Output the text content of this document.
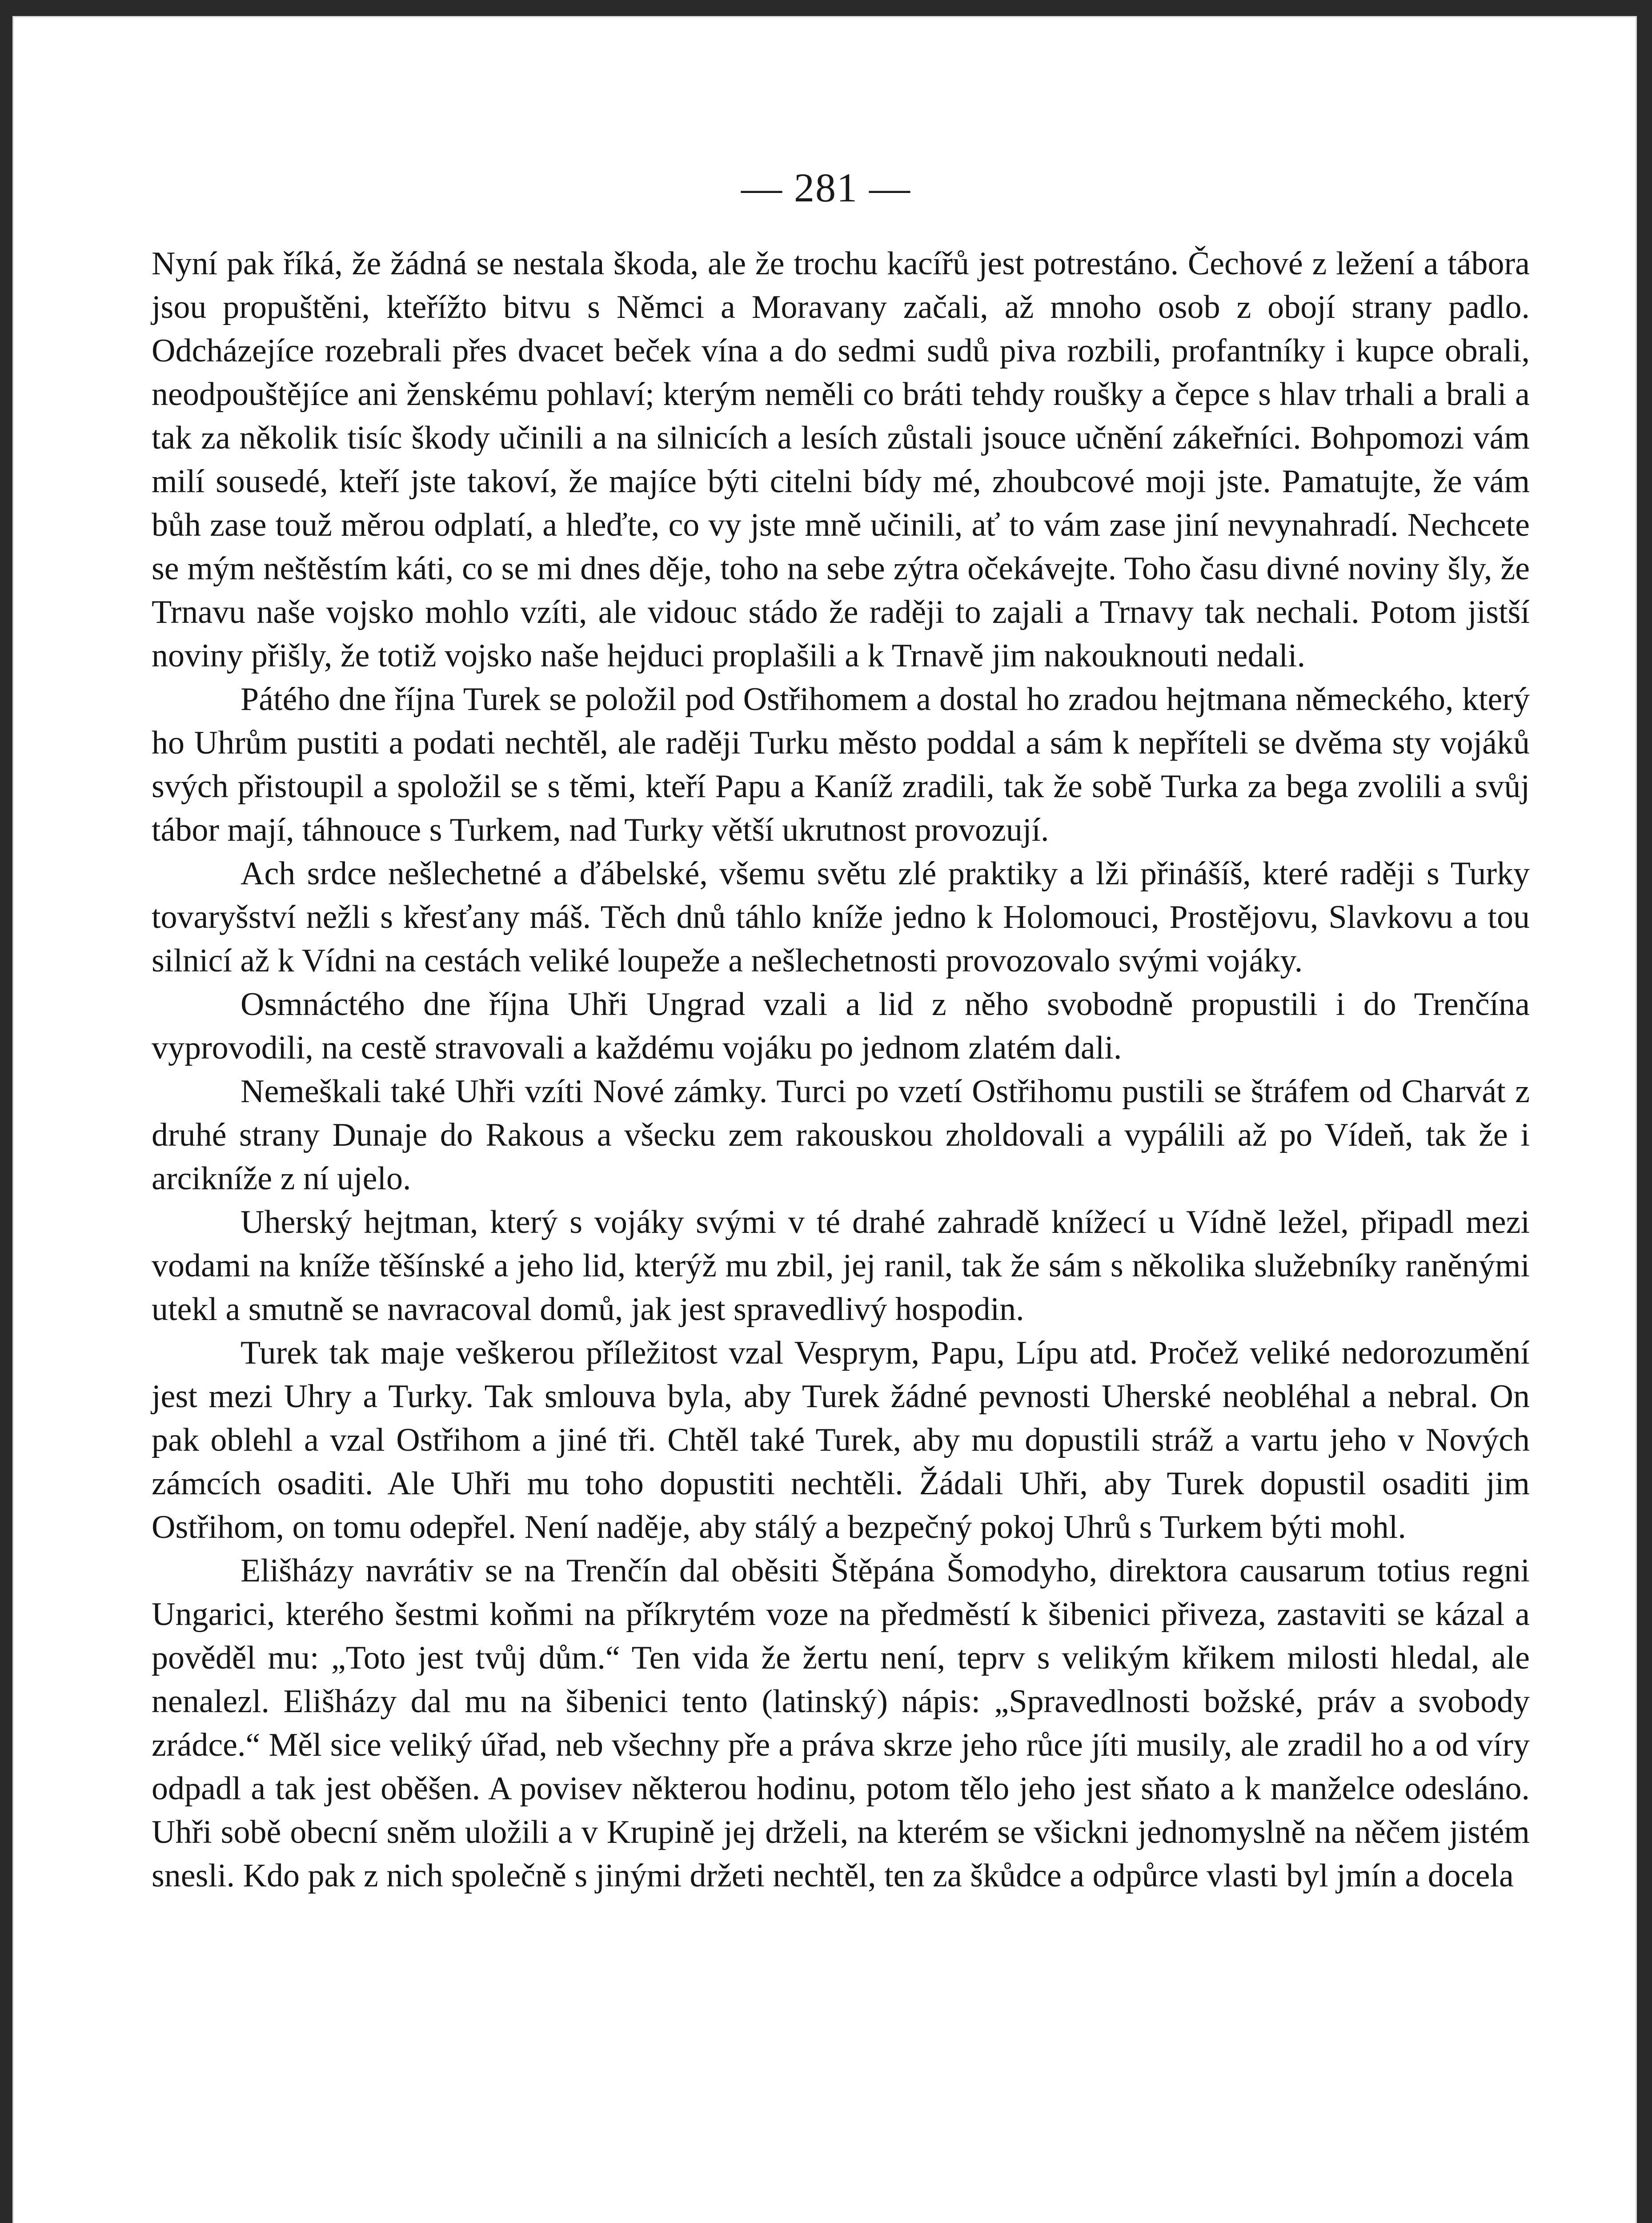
— 281 —

Nyní pak říká, že žádná se nestala škoda, ale že trochu kacířů jest potrestáno. Čechové z ležení a tábora jsou propuštěni, kteřížto bitvu s Němci a Moravany začali, až mnoho osob z obojí strany padlo. Odcházejíce rozebrali přes dvacet beček vína a do sedmi sudů piva rozbili, profantníky i kupce obrali, neodpouštějíce ani ženskému pohlaví; kterým neměli co bráti tehdy roušky a čepce s hlav trhali a brali a tak za několik tisíc škody učinili a na silnicích a lesích zůstali jsouce učnění zákeřníci. Bohpomozi vám milí sousedé, kteří jste takoví, že majíce býti citelni bídy mé, zhoubcové moji jste. Pamatujte, že vám bůh zase touž měrou odplatí, a hleďte, co vy jste mně učinili, ať to vám zase jiní nevynahradí. Nechcete se mým neštěstím káti, co se mi dnes děje, toho na sebe zýtra očekávejte. Toho času divné noviny šly, že Trnavu naše vojsko mohlo vzíti, ale vidouc stádo že raději to zajali a Trnavy tak nechali. Potom jistší noviny přišly, že totiž vojsko naše hejduci proplašili a k Trnavě jim nakouknouti nedali.

Pátého dne října Turek se položil pod Ostřihomem a dostal ho zradou hejtmana německého, který ho Uhrům pustiti a podati nechtěl, ale raději Turku město poddal a sám k nepříteli se dvěma sty vojáků svých přistoupil a spoložil se s těmi, kteří Papu a Kaníž zradili, tak že sobě Turka za bega zvolili a svůj tábor mají, táhnouce s Turkem, nad Turky větší ukrutnost provozují.

Ach srdce nešlechetné a ďábelské, všemu světu zlé praktiky a lži přinášíš, které raději s Turky tovaryšství nežli s křesťany máš. Těch dnů táhlo kníže jedno k Holomouci, Prostějovu, Slavkovu a tou silnicí až k Vídni na cestách veliké loupeže a nešlechetnosti provozovalo svými vojáky.

Osmnáctého dne října Uhři Ungrad vzali a lid z něho svobodně propustili i do Trenčína vyprovodili, na cestě stravovali a každému vojáku po jednom zlatém dali.

Nemeškali také Uhři vzíti Nové zámky. Turci po vzetí Ostřihomu pustili se štráfem od Charvát z druhé strany Dunaje do Rakous a všecku zem rakouskou zholdovali a vypálili až po Vídeň, tak že i arcikníže z ní ujelo.

Uherský hejtman, který s vojáky svými v té drahé zahradě knížecí u Vídně ležel, připadl mezi vodami na kníže těšínské a jeho lid, kterýž mu zbil, jej ranil, tak že sám s několika služebníky raněnými utekl a smutně se navracoval domů, jak jest spravedlivý hospodin.

Turek tak maje veškerou příležitost vzal Vesprym, Papu, Lípu atd. Pročež veliké nedorozumění jest mezi Uhry a Turky. Tak smlouva byla, aby Turek žádné pevnosti Uherské neobléhal a nebral. On pak oblehl a vzal Ostřihom a jiné tři. Chtěl také Turek, aby mu dopustili stráž a vartu jeho v Nových zámcích osaditi. Ale Uhři mu toho dopustiti nechtěli. Žádali Uhři, aby Turek dopustil osaditi jim Ostřihom, on tomu odepřel. Není naděje, aby stálý a bezpečný pokoj Uhrů s Turkem býti mohl.

Elišházy navrátiv se na Trenčín dal oběsiti Štěpána Šomodyho, direktora causarum totius regni Ungarici, kterého šestmi koňmi na příkrytém voze na předměstí k šibenici přiveza, zastaviti se kázal a pověděl mu: „Toto jest tvůj dům.“ Ten vida že žertu není, teprv s velikým křikem milosti hledal, ale nenalezl. Elišházy dal mu na šibenici tento (latinský) nápis: „Spravedlnosti božské, práv a svobody zrádce.“ Měl sice veliký úřad, neb všechny pře a práva skrze jeho růce jíti musily, ale zradil ho a od víry odpadl a tak jest oběšen. A povisev některou hodinu, potom tělo jeho jest sňato a k manželce odesláno. Uhři sobě obecní sněm uložili a v Krupině jej drželi, na kterém se všickni jednomyslně na něčem jistém snesli. Kdo pak z nich společně s jinými držeti nechtěl, ten za škůdce a odpůrce vlasti byl jmín a docela
